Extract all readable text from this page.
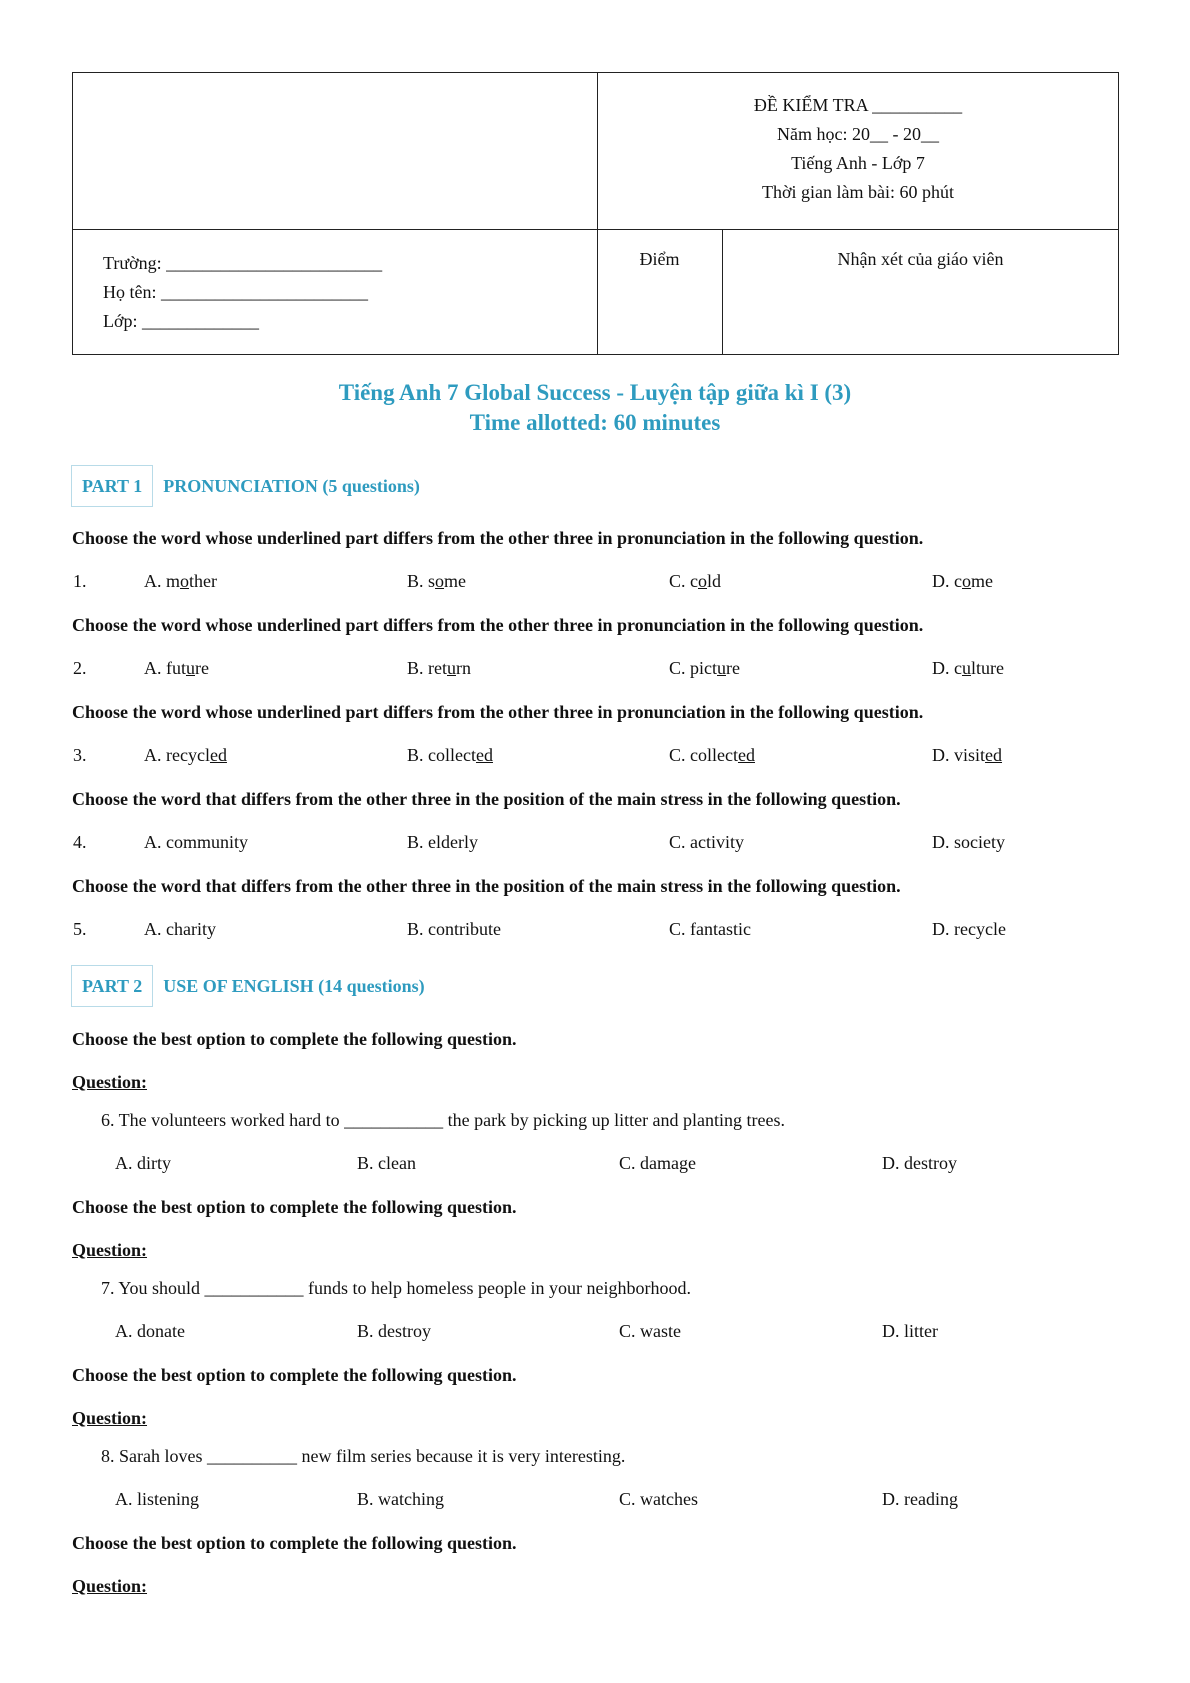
ĐỀ KIỂM TRA __________
Năm học: 20__ - 20__
Tiếng Anh - Lớp 7
Thời gian làm bài: 60 phút
Trường: ________________________
Họ tên: _______________________
Lớp: _____________
Điểm	Nhận xét của giáo viên
Tiếng Anh 7 Global Success - Luyện tập giữa kì I (3)
Time allotted: 60 minutes
PART 1	PRONUNCIATION (5 questions)
Choose the word whose underlined part differs from the other three in pronunciation in the following question.
1.	A. mother	B. some	C. cold	D. come
Choose the word whose underlined part differs from the other three in pronunciation in the following question.
2.	A. future	B. return	C. picture	D. culture
Choose the word whose underlined part differs from the other three in pronunciation in the following question.
3.	A. recycled	B. collected	C. collected	D. visited
Choose the word that differs from the other three in the position of the main stress in the following question.
4.	A. community	B. elderly	C. activity	D. society
Choose the word that differs from the other three in the position of the main stress in the following question.
5.	A. charity	B. contribute	C. fantastic	D. recycle
PART 2	USE OF ENGLISH (14 questions)
Choose the best option to complete the following question.
Question:
6. The volunteers worked hard to ___________ the park by picking up litter and planting trees.
A. dirty	B. clean	C. damage	D. destroy
Choose the best option to complete the following question.
Question:
7. You should ___________ funds to help homeless people in your neighborhood.
A. donate	B. destroy	C. waste	D. litter
Choose the best option to complete the following question.
Question:
8. Sarah loves __________ new film series because it is very interesting.
A. listening	B. watching	C. watches	D. reading
Choose the best option to complete the following question.
Question:
